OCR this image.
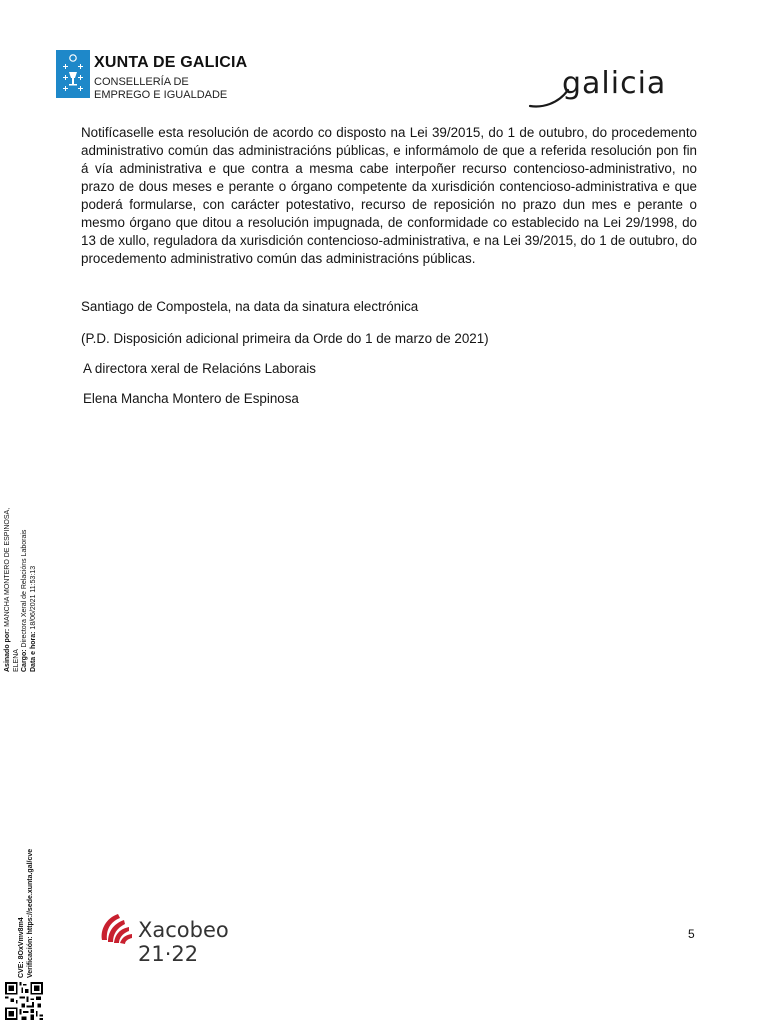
XUNTA DE GALICIA
CONSELLERÍA DE
EMPREGO E IGUALDADE	galicia
Notifícaselle esta resolución de acordo co disposto na Lei 39/2015, do 1 de outubro, do procedemento administrativo común das administracións públicas, e informámolo de que a referida resolución pon fin á vía administrativa e que contra a mesma cabe interpoñer recurso contencioso-administrativo, no prazo de dous meses e perante o órgano competente da xurisdición contencioso-administrativa e que poderá formularse, con carácter potestativo, recurso de reposición no prazo dun mes e perante o mesmo órgano que ditou a resolución impugnada, de conformidade co establecido na Lei 29/1998, do 13 de xullo, reguladora da xurisdición contencioso-administrativa, e na Lei 39/2015, do 1 de outubro, do procedemento administrativo común das administracións públicas.
Santiago de Compostela, na data da sinatura electrónica
(P.D. Disposición adicional primeira da Orde do 1 de marzo de 2021)
A directora xeral de Relacións Laborais
Elena Mancha Montero de Espinosa
Asinado por: MANCHA MONTERO DE ESPINOSA,
ELENA Cargo: Directora Xeral de Relacións Laborais
Data e hora: 18/06/2021 11:53:13
CVE: 8OxVmv8m4 Verificación: https://sede.xunta.gal/cve	Xacobeo 21·22
5
